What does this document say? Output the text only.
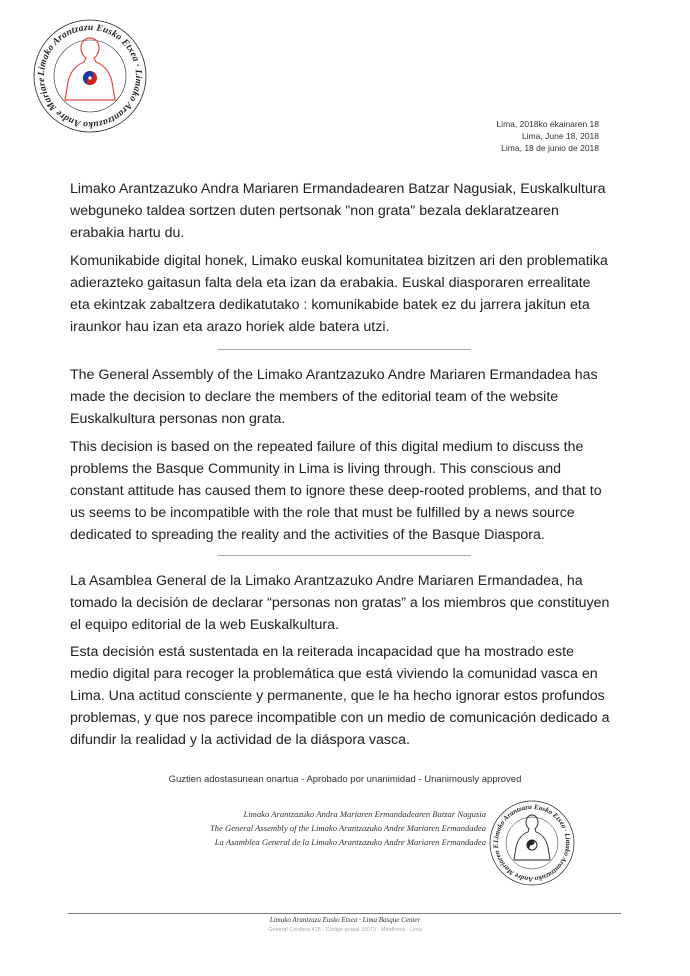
Limako Arantzazu Eusko Etxea · Limako Arantzazuko Andre Mariare
Lima, 2018ko ekainaren 18
Lima, June 18, 2018
Lima, 18 de junio de 2018

Limako Arantzazuko Andra Mariaren Ermandadearen Batzar Nagusiak, Euskalkultura webguneko taldea sortzen duten pertsonak "non grata" bezala deklaratzearen erabakia hartu du.

Komunikabide digital honek, Limako euskal komunitatea bizitzen ari den problematika adierazteko gaitasun falta dela eta izan da erabakia. Euskal diasporaren errealitate eta ekintzak zabaltzera dedikatutako : komunikabide batek ez du jarrera jakitun eta iraunkor hau izan eta arazo horiek alde batera utzi.

The General Assembly of the Limako Arantzazuko Andre Mariaren Ermandadea has made the decision to declare the members of the editorial team of the website Euskalkultura personas non grata.

This decision is based on the repeated failure of this digital medium to discuss the problems the Basque Community in Lima is living through. This conscious and constant attitude has caused them to ignore these deep-rooted problems, and that to us seems to be incompatible with the role that must be fulfilled by a news source dedicated to spreading the reality and the activities of the Basque Diaspora.

La Asamblea General de la Limako Arantzazuko Andre Mariaren Ermandadea, ha tomado la decisión de declarar “personas non gratas” a los miembros que constituyen el equipo editorial de la web Euskalkultura.

Esta decisión está sustentada en la reiterada incapacidad que ha mostrado este medio digital para recoger la problemática que está viviendo la comunidad vasca en Lima. Una actitud consciente y permanente, que le ha hecho ignorar estos profundos problemas, y que nos parece incompatible con un medio de comunicación dedicado a difundir la realidad y la actividad de la diáspora vasca.

Guztien adostasunean onartua - Aprobado por unanimidad - Unanimously approved
Limako Arantzazuko Andra Mariaren Ermandadearen Batzar Nagusia
The General Assembly of the Limako Arantzazuko Andre Mariaren Ermandadea
La Asamblea General de la Limako Arantzazuko Andre Mariaren Ermandadea Limako Arantzazu Eusko Etxea · Limako Arantzazuko Andre Mariaren E
Limako Arantzazu Eusko Etxea · Lima Basque Center
General Córdova 418 · Código postal 15073 · Miraflores · Lima
